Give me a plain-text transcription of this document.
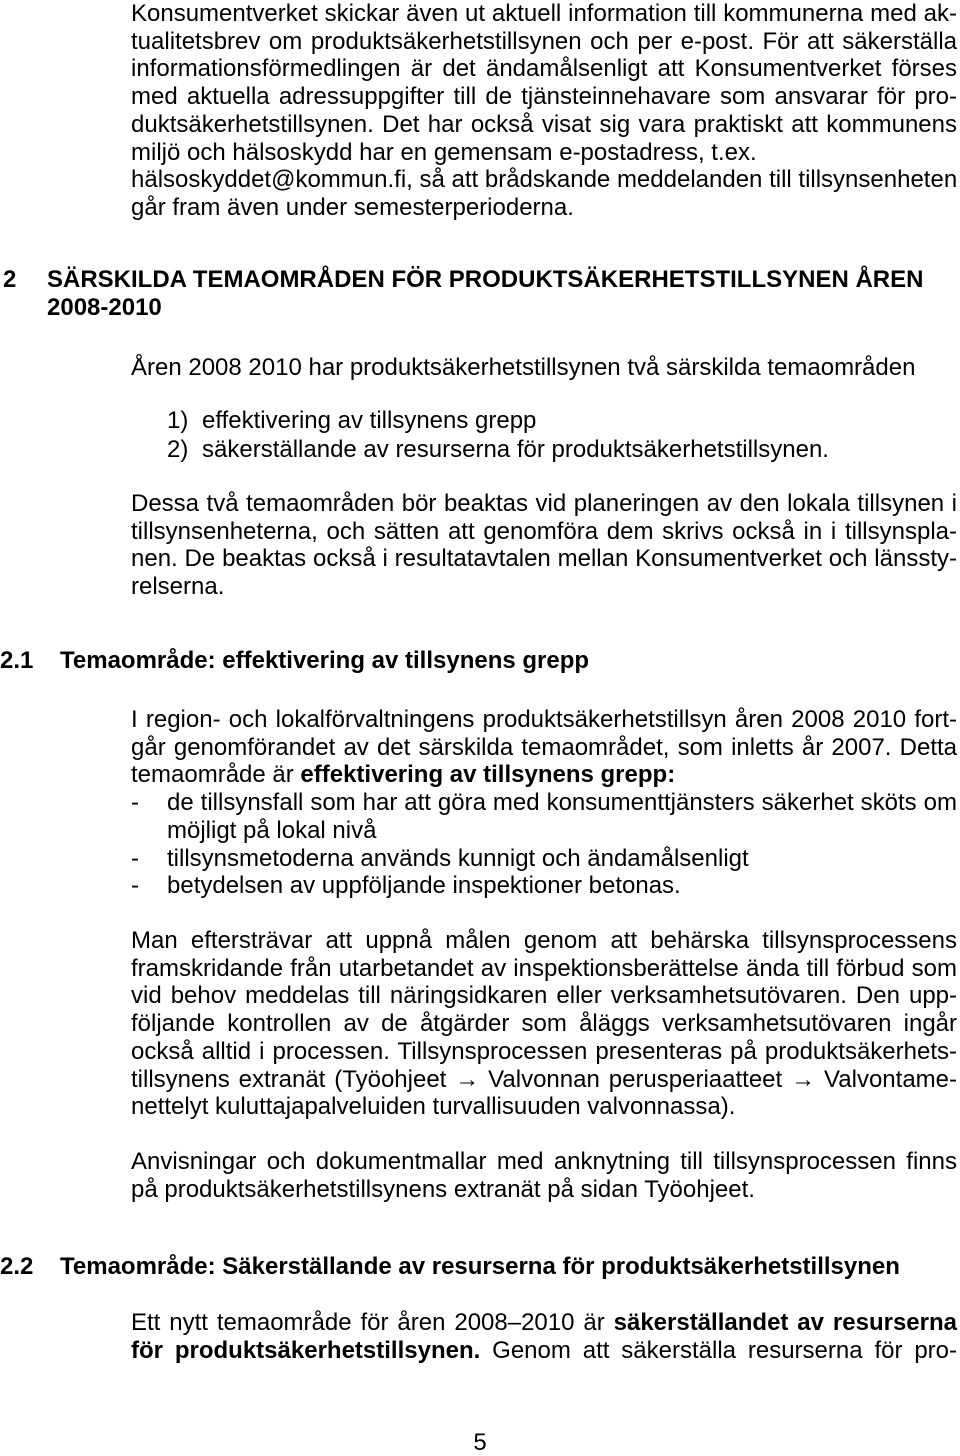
Konsumentverket skickar även ut aktuell information till kommunerna med ak-
tualitetsbrev om produktsäkerhetstillsynen och per e-post. För att säkerställa
informationsförmedlingen är det ändamålsenligt att Konsumentverket förses
med aktuella adressuppgifter till de tjänsteinnehavare som ansvarar för pro-
duktsäkerhetstillsynen. Det har också visat sig vara praktiskt att kommunens
miljö och hälsoskydd har en gemensam e-postadress, t.ex.
hälsoskyddet@kommun.fi, så att brådskande meddelanden till tillsynsenheten
går fram även under semesterperioderna.
2 SÄRSKILDA TEMAOMRÅDEN FÖR PRODUKTSÄKERHETSTILLSYNEN ÅREN
2008-2010
Åren 2008 2010 har produktsäkerhetstillsynen två särskilda temaområden
1) effektivering av tillsynens grepp
2) säkerställande av resurserna för produktsäkerhetstillsynen.
Dessa två temaområden bör beaktas vid planeringen av den lokala tillsynen i
tillsynsenheterna, och sätten att genomföra dem skrivs också in i tillsynspla-
nen. De beaktas också i resultatavtalen mellan Konsumentverket och länssty-
relserna.
2.1 Temaområde: effektivering av tillsynens grepp
I region- och lokalförvaltningens produktsäkerhetstillsyn åren 2008 2010 fort-
går genomförandet av det särskilda temaområdet, som inletts år 2007. Detta
temaområde är effektivering av tillsynens grepp:
- de tillsynsfall som har att göra med konsumenttjänsters säkerhet sköts om
möjligt på lokal nivå
- tillsynsmetoderna används kunnigt och ändamålsenligt
- betydelsen av uppföljande inspektioner betonas.
Man eftersträvar att uppnå målen genom att behärska tillsynsprocessens
framskridande från utarbetandet av inspektionsberättelse ända till förbud som
vid behov meddelas till näringsidkaren eller verksamhetsutövaren. Den upp-
följande kontrollen av de åtgärder som åläggs verksamhetsutövaren ingår
också alltid i processen. Tillsynsprocessen presenteras på produktsäkerhets-
tillsynens extranät (Työohjeet → Valvonnan perusperiaatteet → Valvontame-
nettelyt kuluttajapalveluiden turvallisuuden valvonnassa).
Anvisningar och dokumentmallar med anknytning till tillsynsprocessen finns
på produktsäkerhetstillsynens extranät på sidan Työohjeet.
2.2 Temaområde: Säkerställande av resurserna för produktsäkerhetstillsynen
Ett nytt temaområde för åren 2008–2010 är säkerställandet av resurserna
för produktsäkerhetstillsynen. Genom att säkerställa resurserna för pro-
5
